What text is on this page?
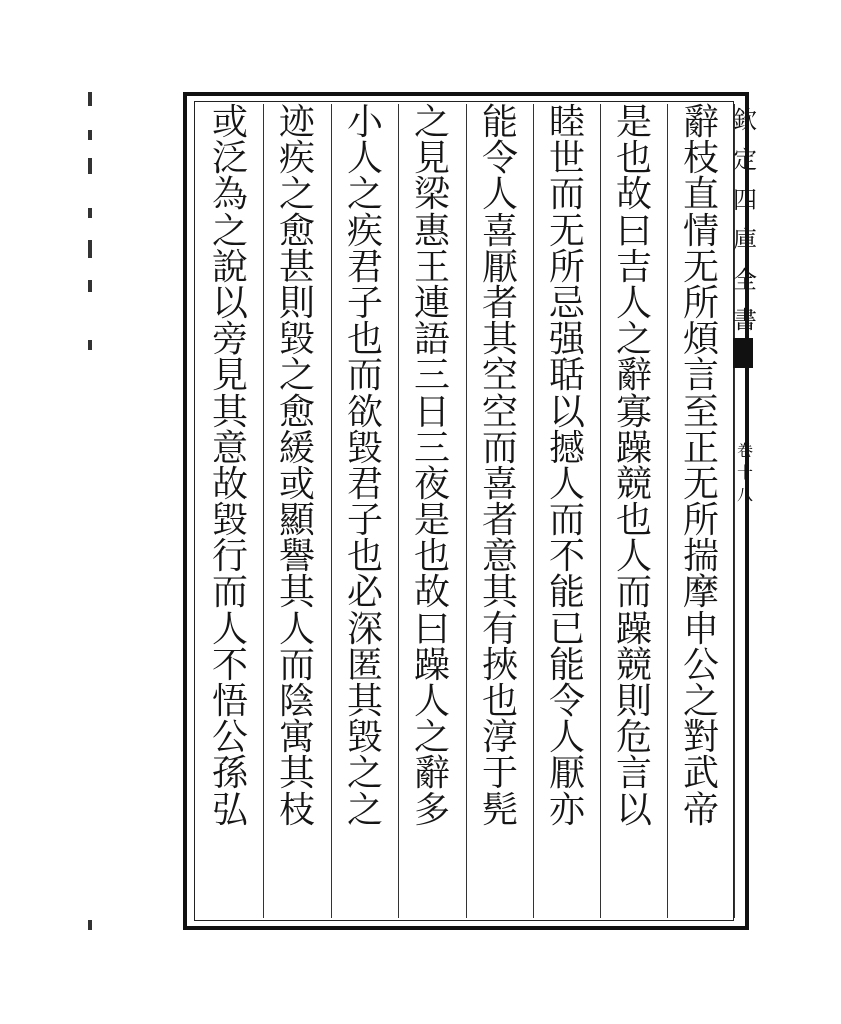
辭
枝
直
情
无
所
煩
言
至
正
无
所
揣
摩
申
公
之
對
武
帝
是
也
故
曰
吉
人
之
辭
寡
躁
競
也
人
而
躁
競
則
危
言
以
睦
世
而
无
所
忌
强
聒
以
撼
人
而
不
能
已
能
令
人
厭
亦
能
令
人
喜
厭
者
其
空
空
而
喜
者
意
其
有
挾
也
淳
于
髡
之
見
梁
惠
王
連
語
三
日
三
夜
是
也
故
曰
躁
人
之
辭
多
小
人
之
疾
君
子
也
而
欲
毀
君
子
也
必
深
匿
其
毀
之
之
迹
疾
之
愈
甚
則
毀
之
愈
緩
或
顯
譽
其
人
而
陰
寓
其
枝
或
泛
為
之
說
以
旁
見
其
意
故
毀
行
而
人
不
悟
公
孫
弘
欽
定
四
庫
全
書
卷
十
八
